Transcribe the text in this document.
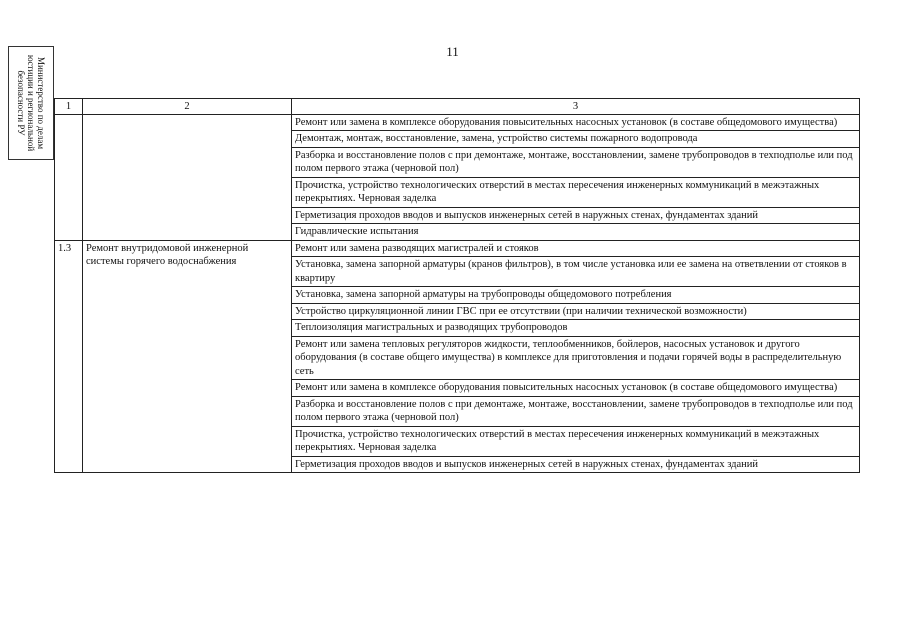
11
Министерство по делам
юстиции и региональной
безопасности РУ	1	2	3
		Ремонт или замена в комплексе оборудования повысительных насосных установок (в составе общедомового имущества)
		Демонтаж, монтаж, восстановление, замена, устройство системы пожарного водопровода
		Разборка и восстановление полов с при демонтаже, монтаже, восстановлении, замене трубопроводов в техподполье или под полом первого этажа (черновой пол)
		Прочистка, устройство технологических отверстий в местах пересечения инженерных коммуникаций в межэтажных перекрытиях. Черновая заделка
		Герметизация проходов вводов и выпусков инженерных сетей в наружных стенах, фундаментах зданий
		Гидравлические испытания
1.3	Ремонт внутридомовой инженерной системы горячего водоснабжения	Ремонт или замена разводящих магистралей и стояков
		Установка, замена запорной арматуры (кранов фильтров), в том числе установка или ее замена на ответвлении от стояков в квартиру
		Установка, замена запорной арматуры на трубопроводы общедомового потребления
		Устройство циркуляционной линии ГВС при ее отсутствии (при наличии технической возможности)
		Теплоизоляция магистральных и разводящих трубопроводов
		Ремонт или замена тепловых регуляторов жидкости, теплообменников, бойлеров, насосных установок и другого оборудования (в составе общего имущества) в комплексе для приготовления и подачи горячей воды в распределительную сеть
		Ремонт или замена в комплексе оборудования повысительных насосных установок (в составе общедомового имущества)
		Разборка и восстановление полов с при демонтаже, монтаже, восстановлении, замене трубопроводов в техподполье или под полом первого этажа (черновой пол)
		Прочистка, устройство технологических отверстий в местах пересечения инженерных коммуникаций в межэтажных перекрытиях. Черновая заделка
		Герметизация проходов вводов и выпусков инженерных сетей в наружных стенах, фундаментах зданий
